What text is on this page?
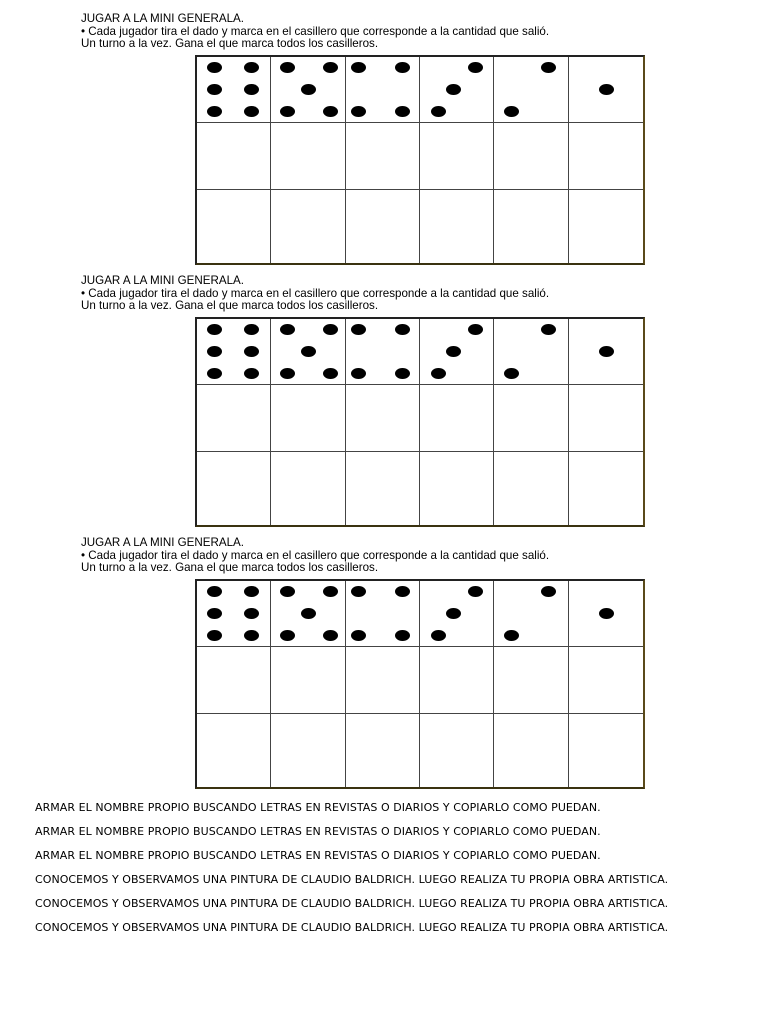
JUGAR A LA MINI GENERALA.
• Cada jugador tira el dado y marca en el casillero que corresponde a la cantidad que salió.
Un turno a la vez. Gana el que marca todos los casilleros.
JUGAR A LA MINI GENERALA.
• Cada jugador tira el dado y marca en el casillero que corresponde a la cantidad que salió.
Un turno a la vez. Gana el que marca todos los casilleros.
JUGAR A LA MINI GENERALA.
• Cada jugador tira el dado y marca en el casillero que corresponde a la cantidad que salió.
Un turno a la vez. Gana el que marca todos los casilleros.
ARMAR EL NOMBRE PROPIO BUSCANDO LETRAS EN REVISTAS O DIARIOS Y COPIARLO COMO PUEDAN.
ARMAR EL NOMBRE PROPIO BUSCANDO LETRAS EN REVISTAS O DIARIOS Y COPIARLO COMO PUEDAN.
ARMAR EL NOMBRE PROPIO BUSCANDO LETRAS EN REVISTAS O DIARIOS Y COPIARLO COMO PUEDAN.
CONOCEMOS Y OBSERVAMOS UNA PINTURA DE CLAUDIO BALDRICH. LUEGO REALIZA TU PROPIA OBRA ARTISTICA.
CONOCEMOS Y OBSERVAMOS UNA PINTURA DE CLAUDIO BALDRICH. LUEGO REALIZA TU PROPIA OBRA ARTISTICA.
CONOCEMOS Y OBSERVAMOS UNA PINTURA DE CLAUDIO BALDRICH. LUEGO REALIZA TU PROPIA OBRA ARTISTICA.
